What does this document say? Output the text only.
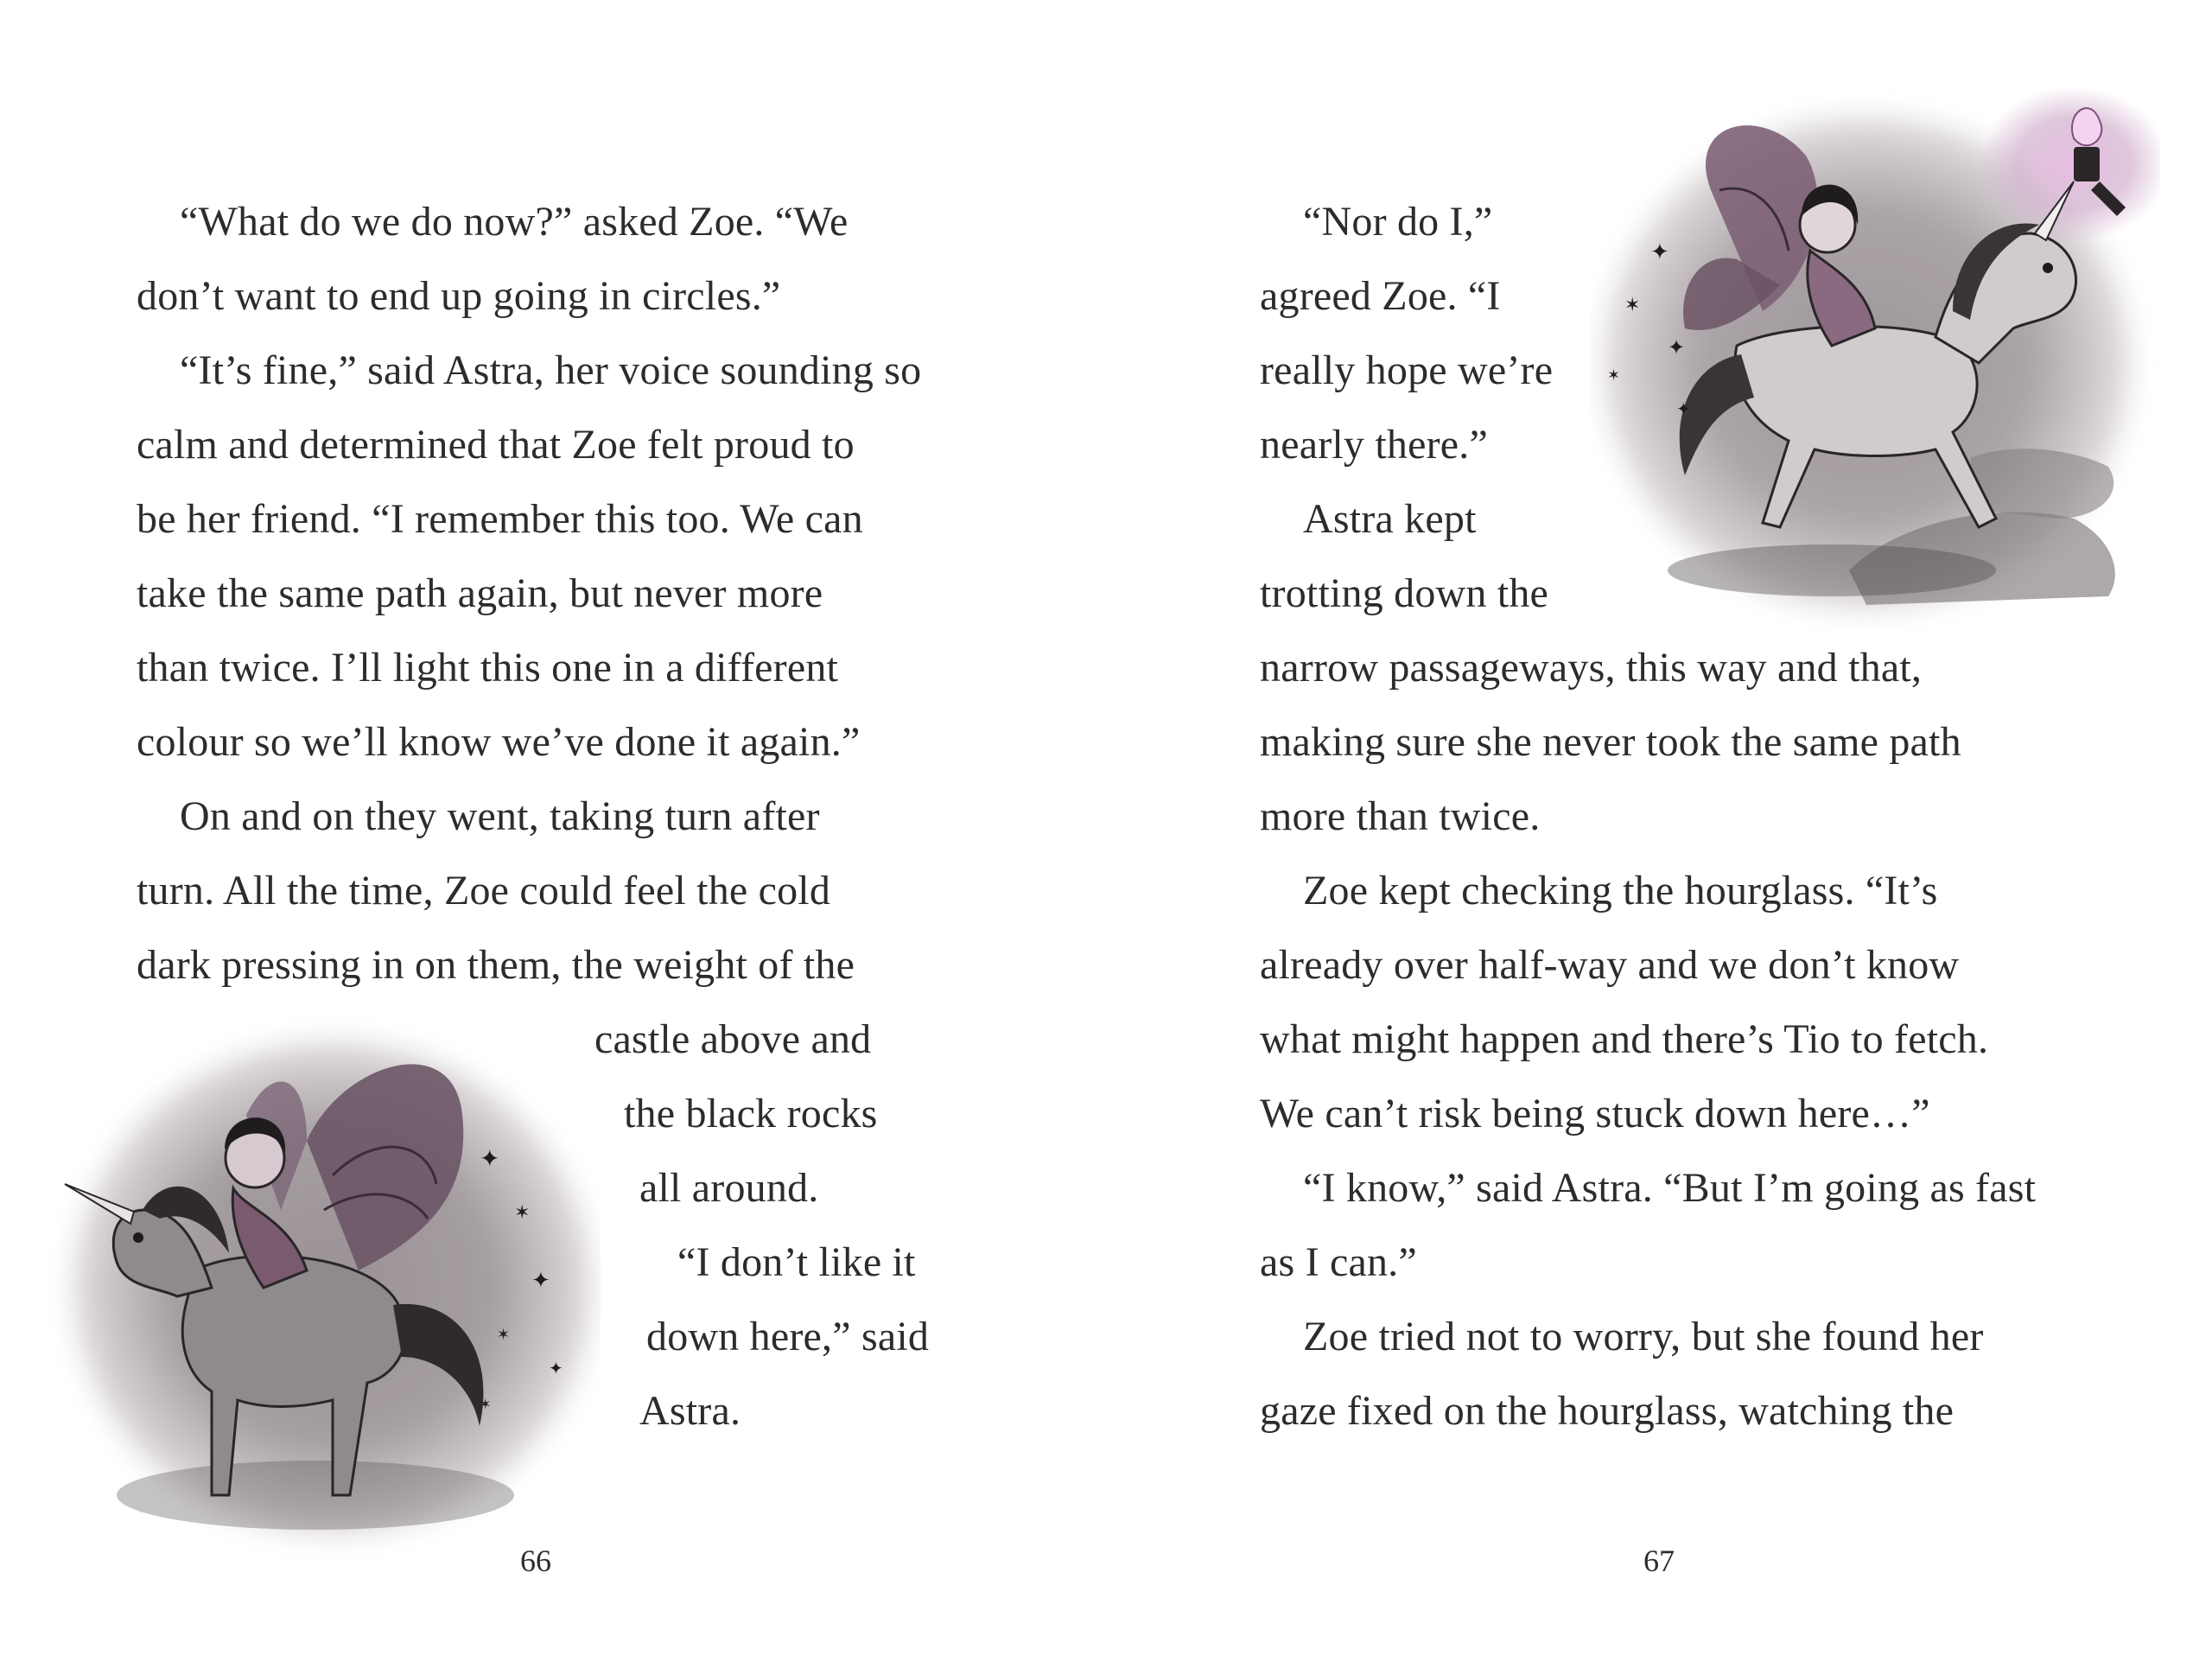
“What do we do now?” asked Zoe. “We
don’t want to end up going in circles.”
“It’s fine,” said Astra, her voice sounding so
calm and determined that Zoe felt proud to
be her friend. “I remember this too. We can
take the same path again, but never more
than twice. I’ll light this one in a different
colour so we’ll know we’ve done it again.”
On and on they went, taking turn after
turn. All the time, Zoe could feel the cold
dark pressing in on them, the weight of the
castle above and
the black rocks
all around.
“I don’t like it
down here,” said
Astra.
✦
✶
✦
✶
✦
✶
66
“Nor do I,”
agreed Zoe. “I
really hope we’re
nearly there.”
Astra kept
trotting down the
narrow passageways, this way and that,
making sure she never took the same path
more than twice.
Zoe kept checking the hourglass. “It’s
already over half-way and we don’t know
what might happen and there’s Tio to fetch.
We can’t risk being stuck down here…”
“I know,” said Astra. “But I’m going as fast
as I can.”
Zoe tried not to worry, but she found her
gaze fixed on the hourglass, watching the
✦
✶
✦
✶
✦
67
